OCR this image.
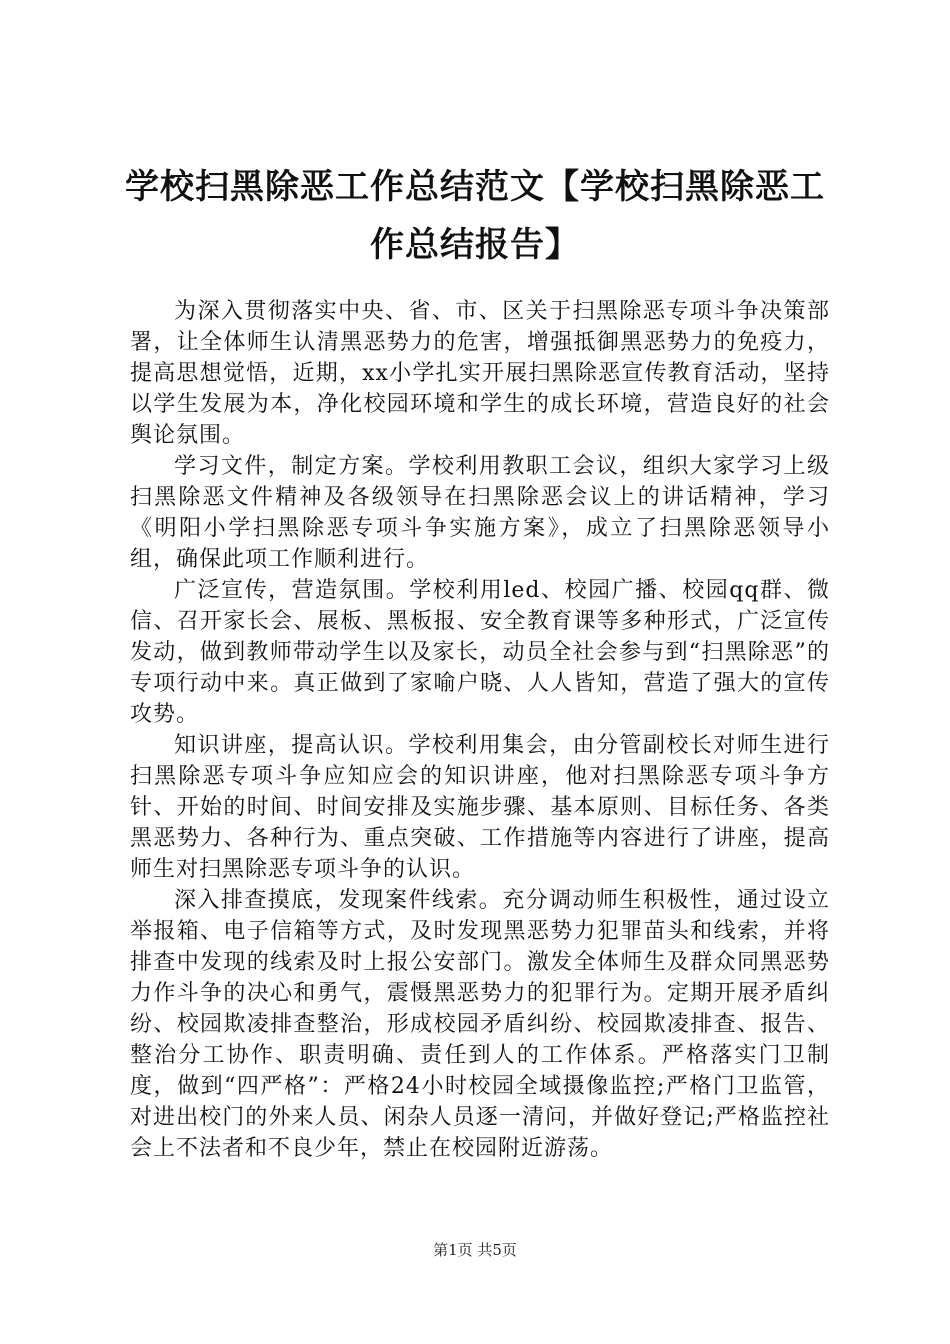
学校扫黑除恶工作总结范文【学校扫黑除恶工作总结报告】

为深入贯彻落实中央、省、市、区关于扫黑除恶专项斗争决策部署，让全体师生认清黑恶势力的危害，增强抵御黑恶势力的免疫力，提高思想觉悟，近期，xx小学扎实开展扫黑除恶宣传教育活动，坚持以学生发展为本，净化校园环境和学生的成长环境，营造良好的社会舆论氛围。

学习文件，制定方案。学校利用教职工会议，组织大家学习上级扫黑除恶文件精神及各级领导在扫黑除恶会议上的讲话精神，学习《明阳小学扫黑除恶专项斗争实施方案》，成立了扫黑除恶领导小组，确保此项工作顺利进行。

广泛宣传，营造氛围。学校利用led、校园广播、校园qq群、微信、召开家长会、展板、黑板报、安全教育课等多种形式，广泛宣传发动，做到教师带动学生以及家长，动员全社会参与到“扫黑除恶”的专项行动中来。真正做到了家喻户晓、人人皆知，营造了强大的宣传攻势。

知识讲座，提高认识。学校利用集会，由分管副校长对师生进行扫黑除恶专项斗争应知应会的知识讲座，他对扫黑除恶专项斗争方针、开始的时间、时间安排及实施步骤、基本原则、目标任务、各类黑恶势力、各种行为、重点突破、工作措施等内容进行了讲座，提高师生对扫黑除恶专项斗争的认识。

深入排查摸底，发现案件线索。充分调动师生积极性，通过设立举报箱、电子信箱等方式，及时发现黑恶势力犯罪苗头和线索，并将排查中发现的线索及时上报公安部门。激发全体师生及群众同黑恶势力作斗争的决心和勇气，震慑黑恶势力的犯罪行为。定期开展矛盾纠纷、校园欺凌排查整治，形成校园矛盾纠纷、校园欺凌排查、报告、整治分工协作、职责明确、责任到人的工作体系。严格落实门卫制度，做到“四严格”：严格24小时校园全域摄像监控;严格门卫监管，对进出校门的外来人员、闲杂人员逐一清问，并做好登记;严格监控社会上不法者和不良少年，禁止在校园附近游荡。

第1页 共5页
